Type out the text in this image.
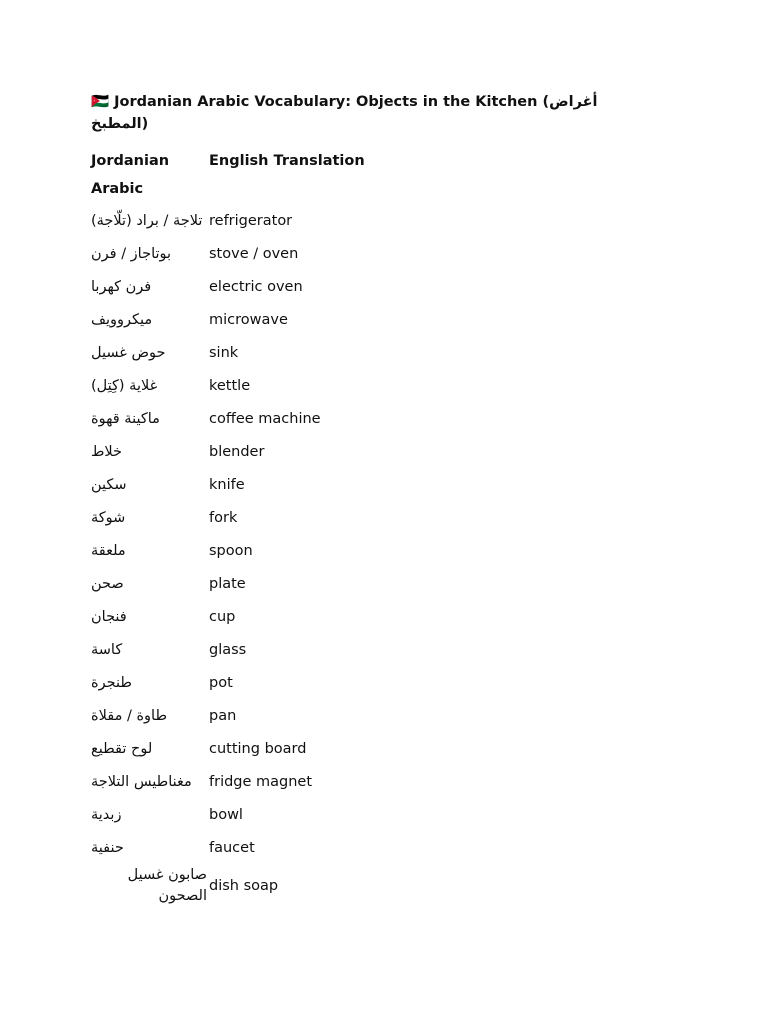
🇯🇴 Jordanian Arabic Vocabulary: Objects in the Kitchen (أغراض المطبخ)
Jordanian Arabic	English Translation
تلاجة / براد (تلّاجة)	refrigerator
بوتاجاز / فرن	stove / oven
فرن كهربا	electric oven
ميكروويف	microwave
حوض غسيل	sink
غلاية (كِتِل)	kettle
ماكينة قهوة	coffee machine
خلاط	blender
سكين	knife
شوكة	fork
ملعقة	spoon
صحن	plate
فنجان	cup
كاسة	glass
طنجرة	pot
طاوة / مقلاة	pan
لوح تقطيع	cutting board
مغناطيس التلاجة	fridge magnet
زبدية	bowl
حنفية	faucet
صابون غسيل الصحون	dish soap
